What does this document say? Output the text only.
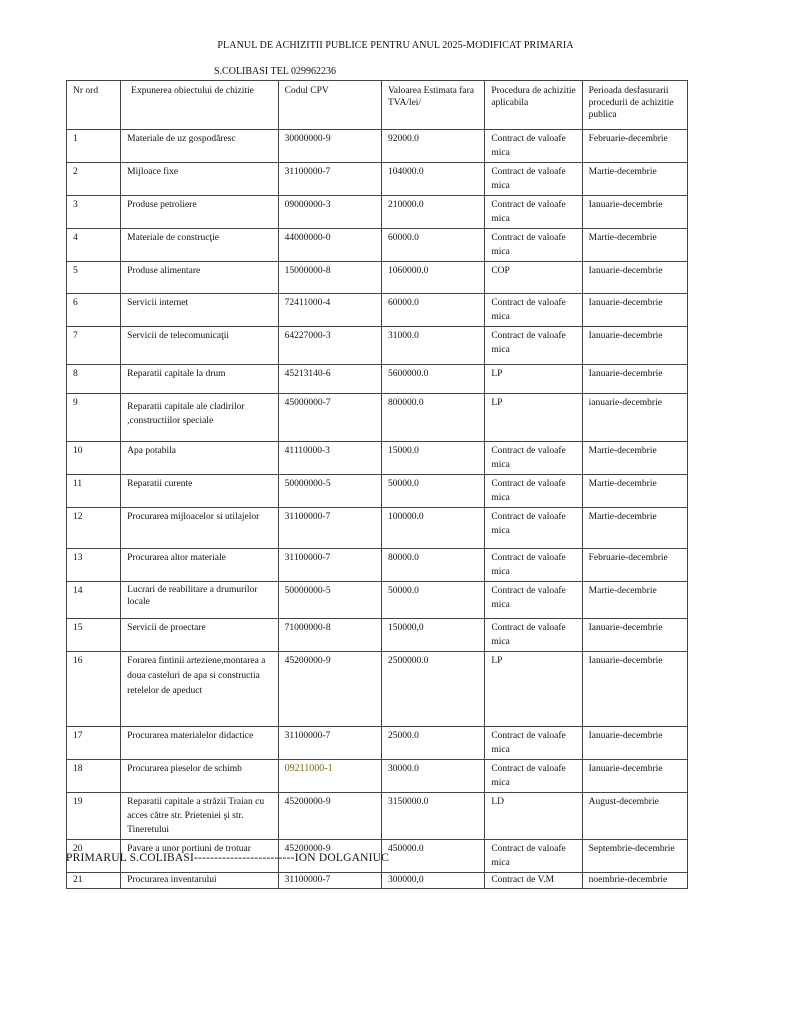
PLANUL DE ACHIZITII PUBLICE PENTRU ANUL 2025-MODIFICAT PRIMARIA
S.COLIBASI TEL 029962236
Nr ord	Expunerea obiectului de chizitie	Codul CPV	Valoarea Estimata fara TVA/lei/	Procedura de achizitie aplicabila	Perioada desfasurarii procedurii de achizitie publica
1	Materiale de uz gospodăresc	30000000-9	92000.0	Contract de valoafe mica	Februarie-decembrie
2	Mijloace fixe	31100000-7	104000.0	Contract de valoafe mica	Martie-decembrie
3	Produse petroliere	09000000-3	210000.0	Contract de valoafe mica	Ianuarie-decembrie
4	Materiale de construcţie	44000000-0	60000.0	Contract de valoafe mica	Martie-decembrie
5	Produse alimentare	15000000-8	1060000.0	COP	Ianuarie-decembrie
6	Servicii internet	72411000-4	60000.0	Contract de valoafe mica	Ianuarie-decembrie
7	Servicii de telecomunicaţii	64227000-3	31000.0	Contract de valoafe mica	Ianuarie-decembrie
8	Reparatii capitale la drum	45213140-6	5600000.0	LP	Ianuarie-decembrie
9	Reparatii capitale ale cladirilor ,constructiilor speciale	45000000-7	800000.0	LP	ianuarie-decembrie
10	Apa potabila	41110000-3	15000.0	Contract de valoafe mica	Martie-decembrie
11	Reparatii curente	50000000-5	50000.0	Contract de valoafe mica	Martie-decembrie
12	Procurarea mijloacelor si utilajelor	31100000-7	100000.0	Contract de valoafe mica	Martie-decembrie
13	Procurarea altor materiale	31100000-7	80000.0	Contract de valoafe mica	Februarie-decembrie
14	Lucrari de reabilitare a drumurilor locale	50000000-5	50000.0	Contract de valoafe mica	Martie-decembrie
15	Servicii de proectare	71000000-8	150000,0	Contract de valoafe mica	Ianuarie-decembrie
16	Forarea fintinii arteziene,montarea a doua casteluri de apa si constructia retelelor de apeduct	45200000-9	2500000.0	LP	Ianuarie-decembrie
17	Procurarea materialelor didactice	31100000-7	25000.0	Contract de valoafe mica	Ianuarie-decembrie
18	Procurarea pieselor de schimb	09211000-1	30000.0	Contract de valoafe mica	Ianuarie-decembrie
19	Reparatii capitale a străzii Traian cu acces către str. Prieteniei şi str. Tineretului	45200000-9	3150000.0	LD	August-decembrie
20	Pavare a unor portiuni de trotuar	45200000-9	450000.0	Contract de valoafe mica	Septembrie-decembrie
21	Procurarea inventarului	31100000-7	300000,0	Contract de V.M	noembrie-decembrie
PRIMARUL S.COLIBASI-------------------------ION DOLGANIUC
